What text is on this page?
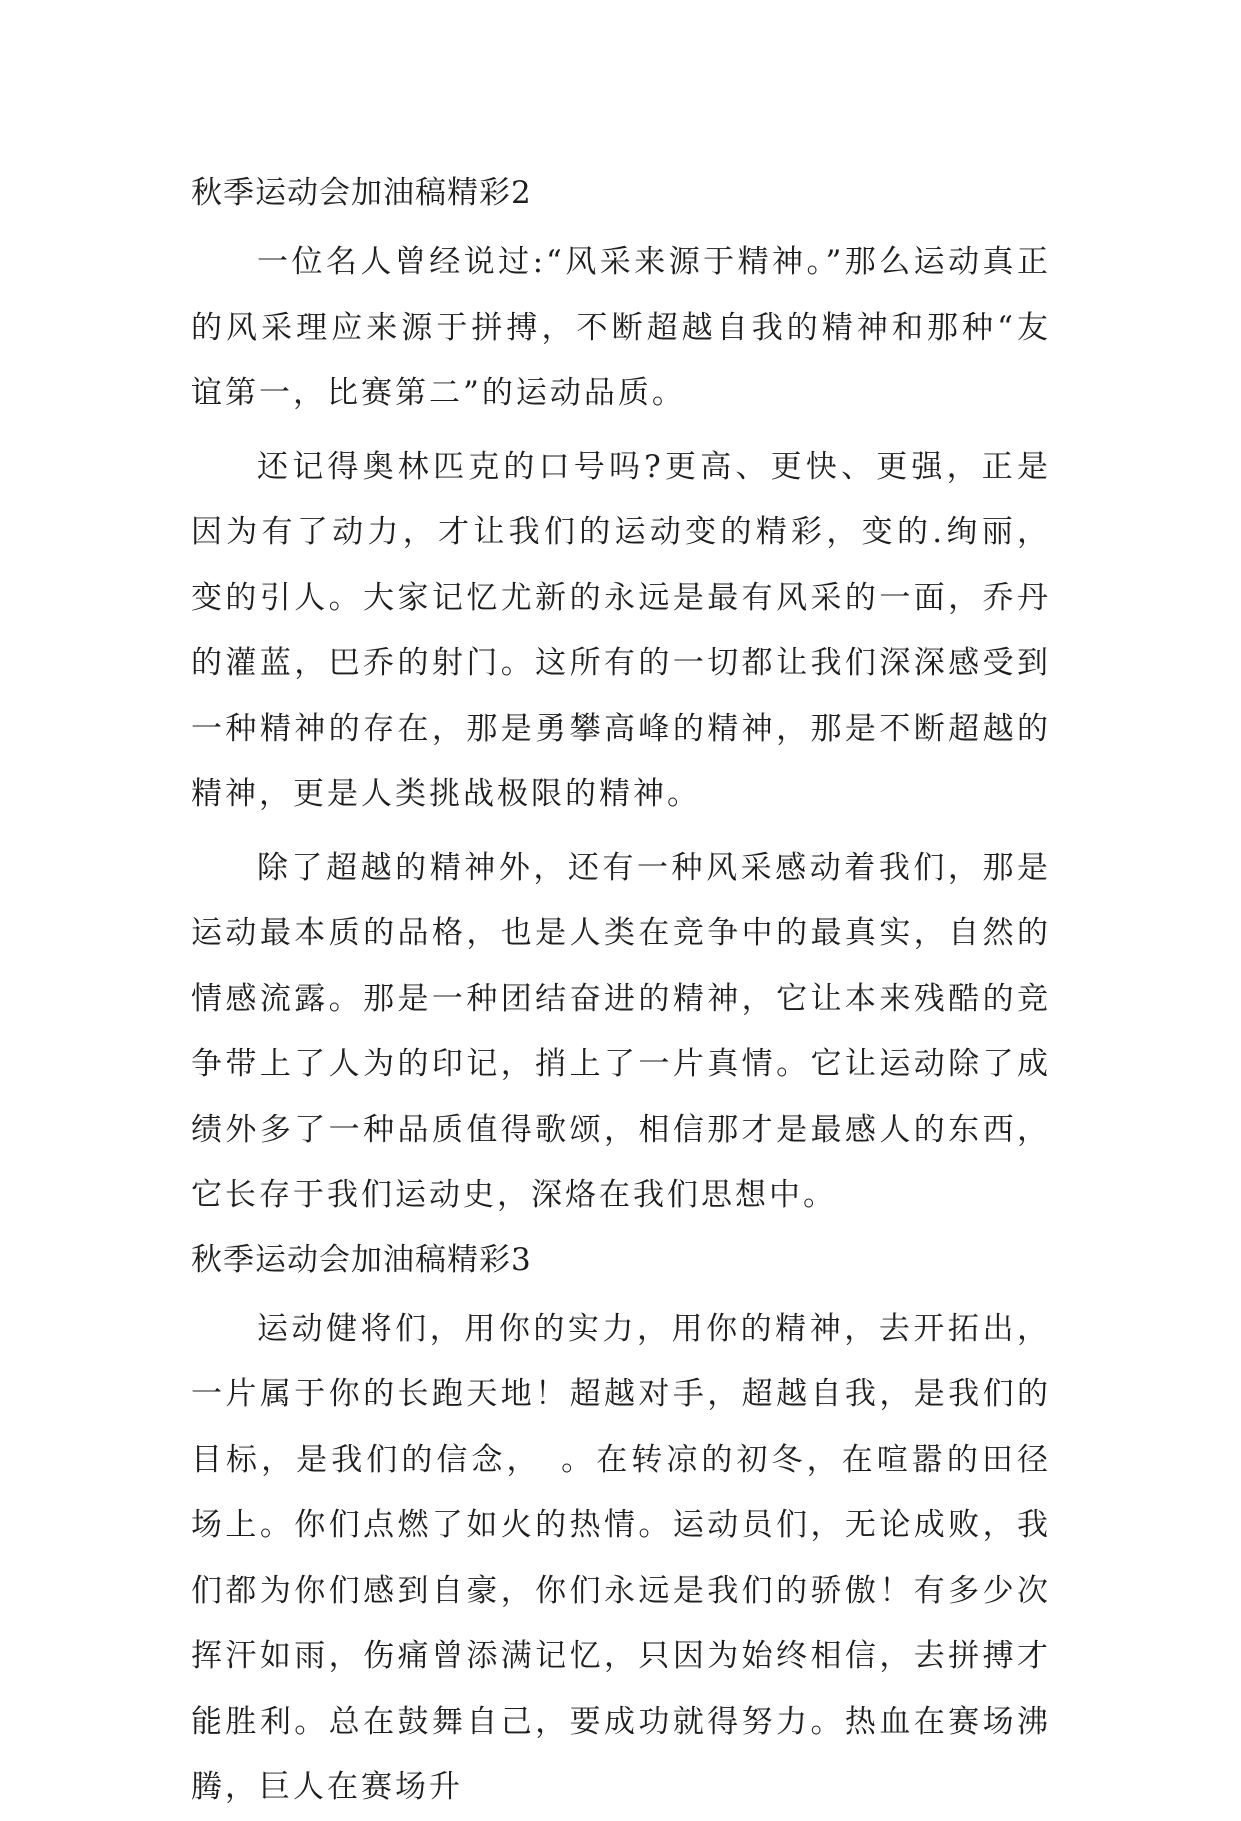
秋季运动会加油稿精彩2

一位名人曾经说过:“风采来源于精神。”那么运动真正的风采理应来源于拼搏，不断超越自我的精神和那种“友谊第一，比赛第二”的运动品质。

还记得奥林匹克的口号吗?更高、更快、更强，正是因为有了动力，才让我们的运动变的精彩，变的.绚丽，变的引人。大家记忆尤新的永远是最有风采的一面，乔丹的灌蓝，巴乔的射门。这所有的一切都让我们深深感受到一种精神的存在，那是勇攀高峰的精神，那是不断超越的精神，更是人类挑战极限的精神。

除了超越的精神外，还有一种风采感动着我们，那是运动最本质的品格，也是人类在竞争中的最真实，自然的情感流露。那是一种团结奋进的精神，它让本来残酷的竞争带上了人为的印记，捎上了一片真情。它让运动除了成绩外多了一种品质值得歌颂，相信那才是最感人的东西，它长存于我们运动史，深烙在我们思想中。

秋季运动会加油稿精彩3

运动健将们，用你的实力，用你的精神，去开拓出，一片属于你的长跑天地！超越对手，超越自我，是我们的目标，是我们的信念，　。在转凉的初冬，在喧嚣的田径场上。你们点燃了如火的热情。运动员们，无论成败，我们都为你们感到自豪，你们永远是我们的骄傲！有多少次挥汗如雨，伤痛曾添满记忆，只因为始终相信，去拼搏才能胜利。总在鼓舞自己，要成功就得努力。热血在赛场沸腾，巨人在赛场升
